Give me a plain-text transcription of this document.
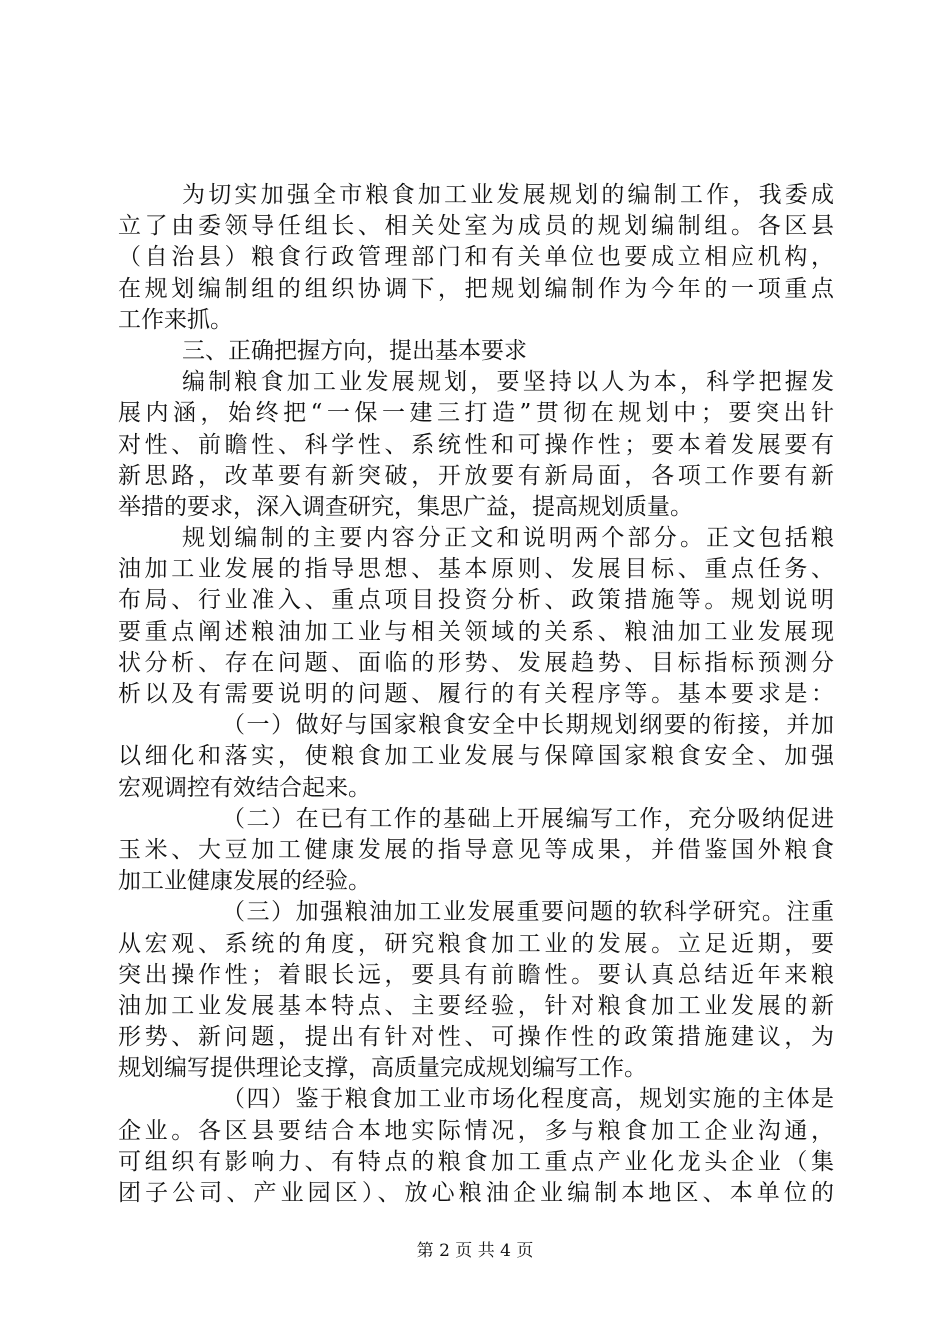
为切实加强全市粮食加工业发展规划的编制工作，我委成
立了由委领导任组长、相关处室为成员的规划编制组。各区县
（自治县）粮食行政管理部门和有关单位也要成立相应机构，
在规划编制组的组织协调下，把规划编制作为今年的一项重点
工作来抓。
三、正确把握方向，提出基本要求
编制粮食加工业发展规划，要坚持以人为本，科学把握发
展内涵，始终把“一保一建三打造”贯彻在规划中；要突出针
对性、前瞻性、科学性、系统性和可操作性；要本着发展要有
新思路，改革要有新突破，开放要有新局面，各项工作要有新
举措的要求，深入调查研究，集思广益，提高规划质量。
规划编制的主要内容分正文和说明两个部分。正文包括粮
油加工业发展的指导思想、基本原则、发展目标、重点任务、
布局、行业准入、重点项目投资分析、政策措施等。规划说明
要重点阐述粮油加工业与相关领域的关系、粮油加工业发展现
状分析、存在问题、面临的形势、发展趋势、目标指标预测分
析以及有需要说明的问题、履行的有关程序等。基本要求是：
（一）做好与国家粮食安全中长期规划纲要的衔接，并加
以细化和落实，使粮食加工业发展与保障国家粮食安全、加强
宏观调控有效结合起来。
（二）在已有工作的基础上开展编写工作，充分吸纳促进
玉米、大豆加工健康发展的指导意见等成果，并借鉴国外粮食
加工业健康发展的经验。
（三）加强粮油加工业发展重要问题的软科学研究。注重
从宏观、系统的角度，研究粮食加工业的发展。立足近期，要
突出操作性；着眼长远，要具有前瞻性。要认真总结近年来粮
油加工业发展基本特点、主要经验，针对粮食加工业发展的新
形势、新问题，提出有针对性、可操作性的政策措施建议，为
规划编写提供理论支撑，高质量完成规划编写工作。
（四）鉴于粮食加工业市场化程度高，规划实施的主体是
企业。各区县要结合本地实际情况，多与粮食加工企业沟通，
可组织有影响力、有特点的粮食加工重点产业化龙头企业（集
团子公司、产业园区）、放心粮油企业编制本地区、本单位的
第 2 页 共 4 页
